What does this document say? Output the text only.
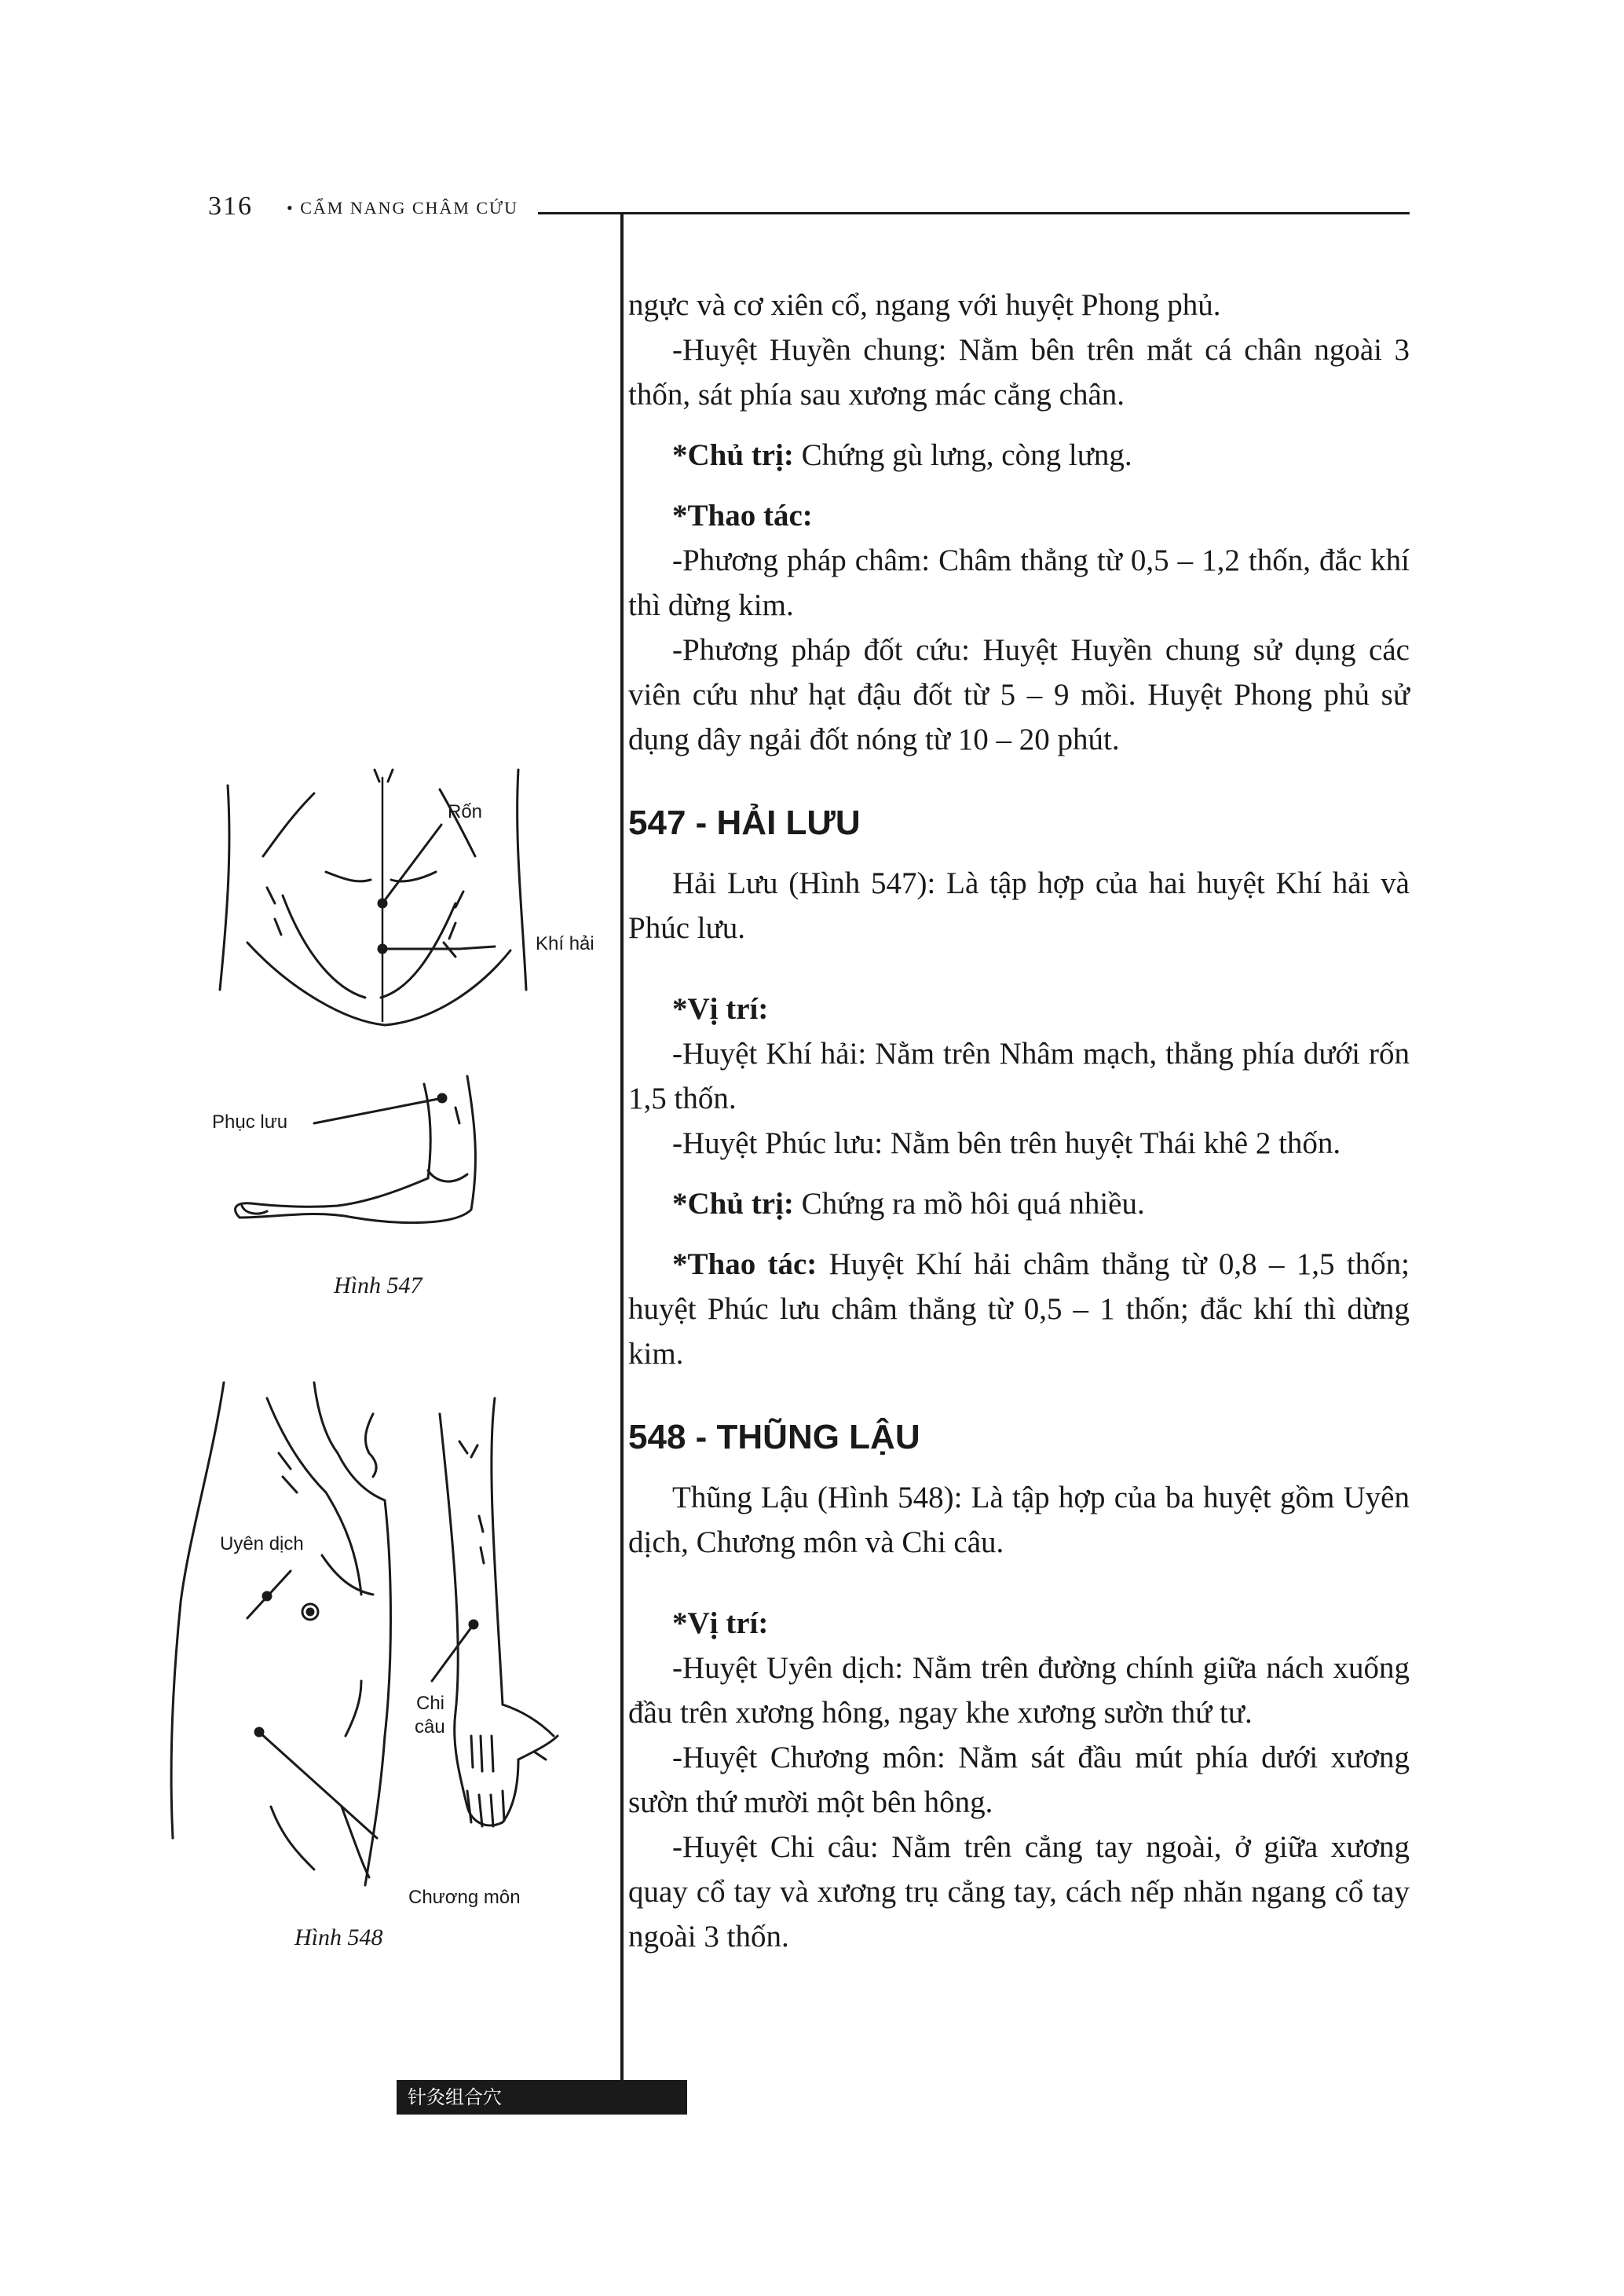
316 • CẨM NANG CHÂM CỨU

ngực và cơ xiên cổ, ngang với huyệt Phong phủ.

-Huyệt Huyền chung: Nằm bên trên mắt cá chân ngoài 3 thốn, sát phía sau xương mác cẳng chân.

*Chủ trị: Chứng gù lưng, còng lưng.

*Thao tác:

-Phương pháp châm: Châm thẳng từ 0,5 – 1,2 thốn, đắc khí thì dừng kim.

-Phương pháp đốt cứu: Huyệt Huyền chung sử dụng các viên cứu như hạt đậu đốt từ 5 – 9 mồi. Huyệt Phong phủ sử dụng dây ngải đốt nóng từ 10 – 20 phút.

547 - HẢI LƯU

Hải Lưu (Hình 547): Là tập hợp của hai huyệt Khí hải và Phúc lưu.

*Vị trí:

-Huyệt Khí hải: Nằm trên Nhâm mạch, thẳng phía dưới rốn 1,5 thốn.

-Huyệt Phúc lưu: Nằm bên trên huyệt Thái khê 2 thốn.

*Chủ trị: Chứng ra mồ hôi quá nhiều.

*Thao tác: Huyệt Khí hải châm thẳng từ 0,8 – 1,5 thốn; huyệt Phúc lưu châm thẳng từ 0,5 – 1 thốn; đắc khí thì dừng kim.

548 - THŨNG LẬU

Thũng Lậu (Hình 548): Là tập hợp của ba huyệt gồm Uyên dịch, Chương môn và Chi câu.

*Vị trí:

-Huyệt Uyên dịch: Nằm trên đường chính giữa nách xuống đầu trên xương hông, ngay khe xương sườn thứ tư.

-Huyệt Chương môn: Nằm sát đầu mút phía dưới xương sườn thứ mười một bên hông.

-Huyệt Chi câu: Nằm trên cẳng tay ngoài, ở giữa xương quay cổ tay và xương trụ cẳng tay, cách nếp nhăn ngang cổ tay ngoài 3 thốn.

Rốn
Khí hải
Phục lưu
Hình 547
Uyên dịch
Chi
câu
Chương môn
Hình 548
针灸组合穴
